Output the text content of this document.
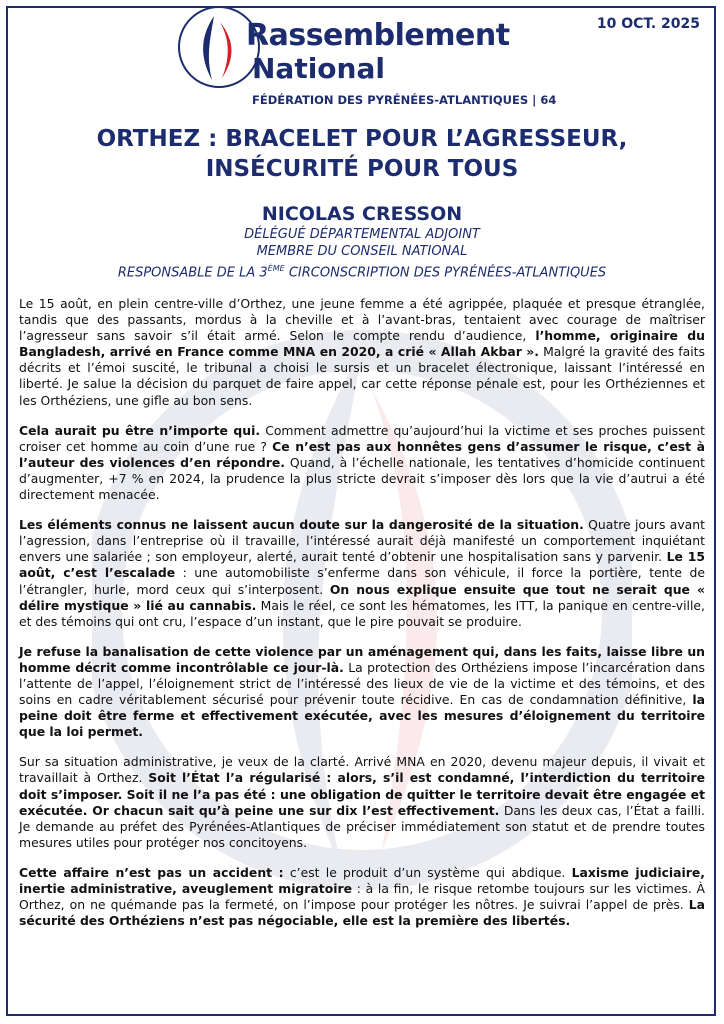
Rassemblement
National
FÉDÉRATION DES PYRÉNÉES-ATLANTIQUES | 64
10 OCT. 2025
ORTHEZ : BRACELET POUR L’AGRESSEUR,
INSÉCURITÉ POUR TOUS
NICOLAS CRESSON
DÉLÉGUÉ DÉPARTEMENTAL ADJOINT
MEMBRE DU CONSEIL NATIONAL
RESPONSABLE DE LA 3ÈME CIRCONSCRIPTION DES PYRÉNÉES-ATLANTIQUES

Le 15 août, en plein centre-ville d’Orthez, une jeune femme a été agrippée, plaquée et presque étranglée, tandis que des passants, mordus à la cheville et à l’avant-bras, tentaient avec courage de maîtriser l’agresseur sans savoir s’il était armé. Selon le compte rendu d’audience, l’homme, originaire du Bangladesh, arrivé en France comme MNA en 2020, a crié « Allah Akbar ». Malgré la gravité des faits décrits et l’émoi suscité, le tribunal a choisi le sursis et un bracelet électronique, laissant l’intéressé en liberté. Je salue la décision du parquet de faire appel, car cette réponse pénale est, pour les Orthéziennes et les Orthéziens, une gifle au bon sens.

Cela aurait pu être n’importe qui. Comment admettre qu’aujourd’hui la victime et ses proches puissent croiser cet homme au coin d’une rue ? Ce n’est pas aux honnêtes gens d’assumer le risque, c’est à l’auteur des violences d’en répondre. Quand, à l’échelle nationale, les tentatives d’homicide continuent d’augmenter, +7 % en 2024, la prudence la plus stricte devrait s’imposer dès lors que la vie d’autrui a été directement menacée.

Les éléments connus ne laissent aucun doute sur la dangerosité de la situation. Quatre jours avant l’agression, dans l’entreprise où il travaille, l’intéressé aurait déjà manifesté un comportement inquiétant envers une salariée ; son employeur, alerté, aurait tenté d’obtenir une hospitalisation sans y parvenir. Le 15 août, c’est l’escalade : une automobiliste s’enferme dans son véhicule, il force la portière, tente de l’étrangler, hurle, mord ceux qui s’interposent. On nous explique ensuite que tout ne serait que « délire mystique » lié au cannabis. Mais le réel, ce sont les hématomes, les ITT, la panique en centre-ville, et des témoins qui ont cru, l’espace d’un instant, que le pire pouvait se produire.

Je refuse la banalisation de cette violence par un aménagement qui, dans les faits, laisse libre un homme décrit comme incontrôlable ce jour-là. La protection des Orthéziens impose l’incarcération dans l’attente de l’appel, l’éloignement strict de l’intéressé des lieux de vie de la victime et des témoins, et des soins en cadre véritablement sécurisé pour prévenir toute récidive. En cas de condamnation définitive, la peine doit être ferme et effectivement exécutée, avec les mesures d’éloignement du territoire que la loi permet.

Sur sa situation administrative, je veux de la clarté. Arrivé MNA en 2020, devenu majeur depuis, il vivait et travaillait à Orthez. Soit l’État l’a régularisé : alors, s’il est condamné, l’interdiction du territoire doit s’imposer. Soit il ne l’a pas été : une obligation de quitter le territoire devait être engagée et exécutée. Or chacun sait qu’à peine une sur dix l’est effectivement. Dans les deux cas, l’État a failli. Je demande au préfet des Pyrénées-Atlantiques de préciser immédiatement son statut et de prendre toutes mesures utiles pour protéger nos concitoyens.

Cette affaire n’est pas un accident : c’est le produit d’un système qui abdique. Laxisme judiciaire, inertie administrative, aveuglement migratoire : à la fin, le risque retombe toujours sur les victimes. À Orthez, on ne quémande pas la fermeté, on l’impose pour protéger les nôtres. Je suivrai l’appel de près. La sécurité des Orthéziens n’est pas négociable, elle est la première des libertés.
